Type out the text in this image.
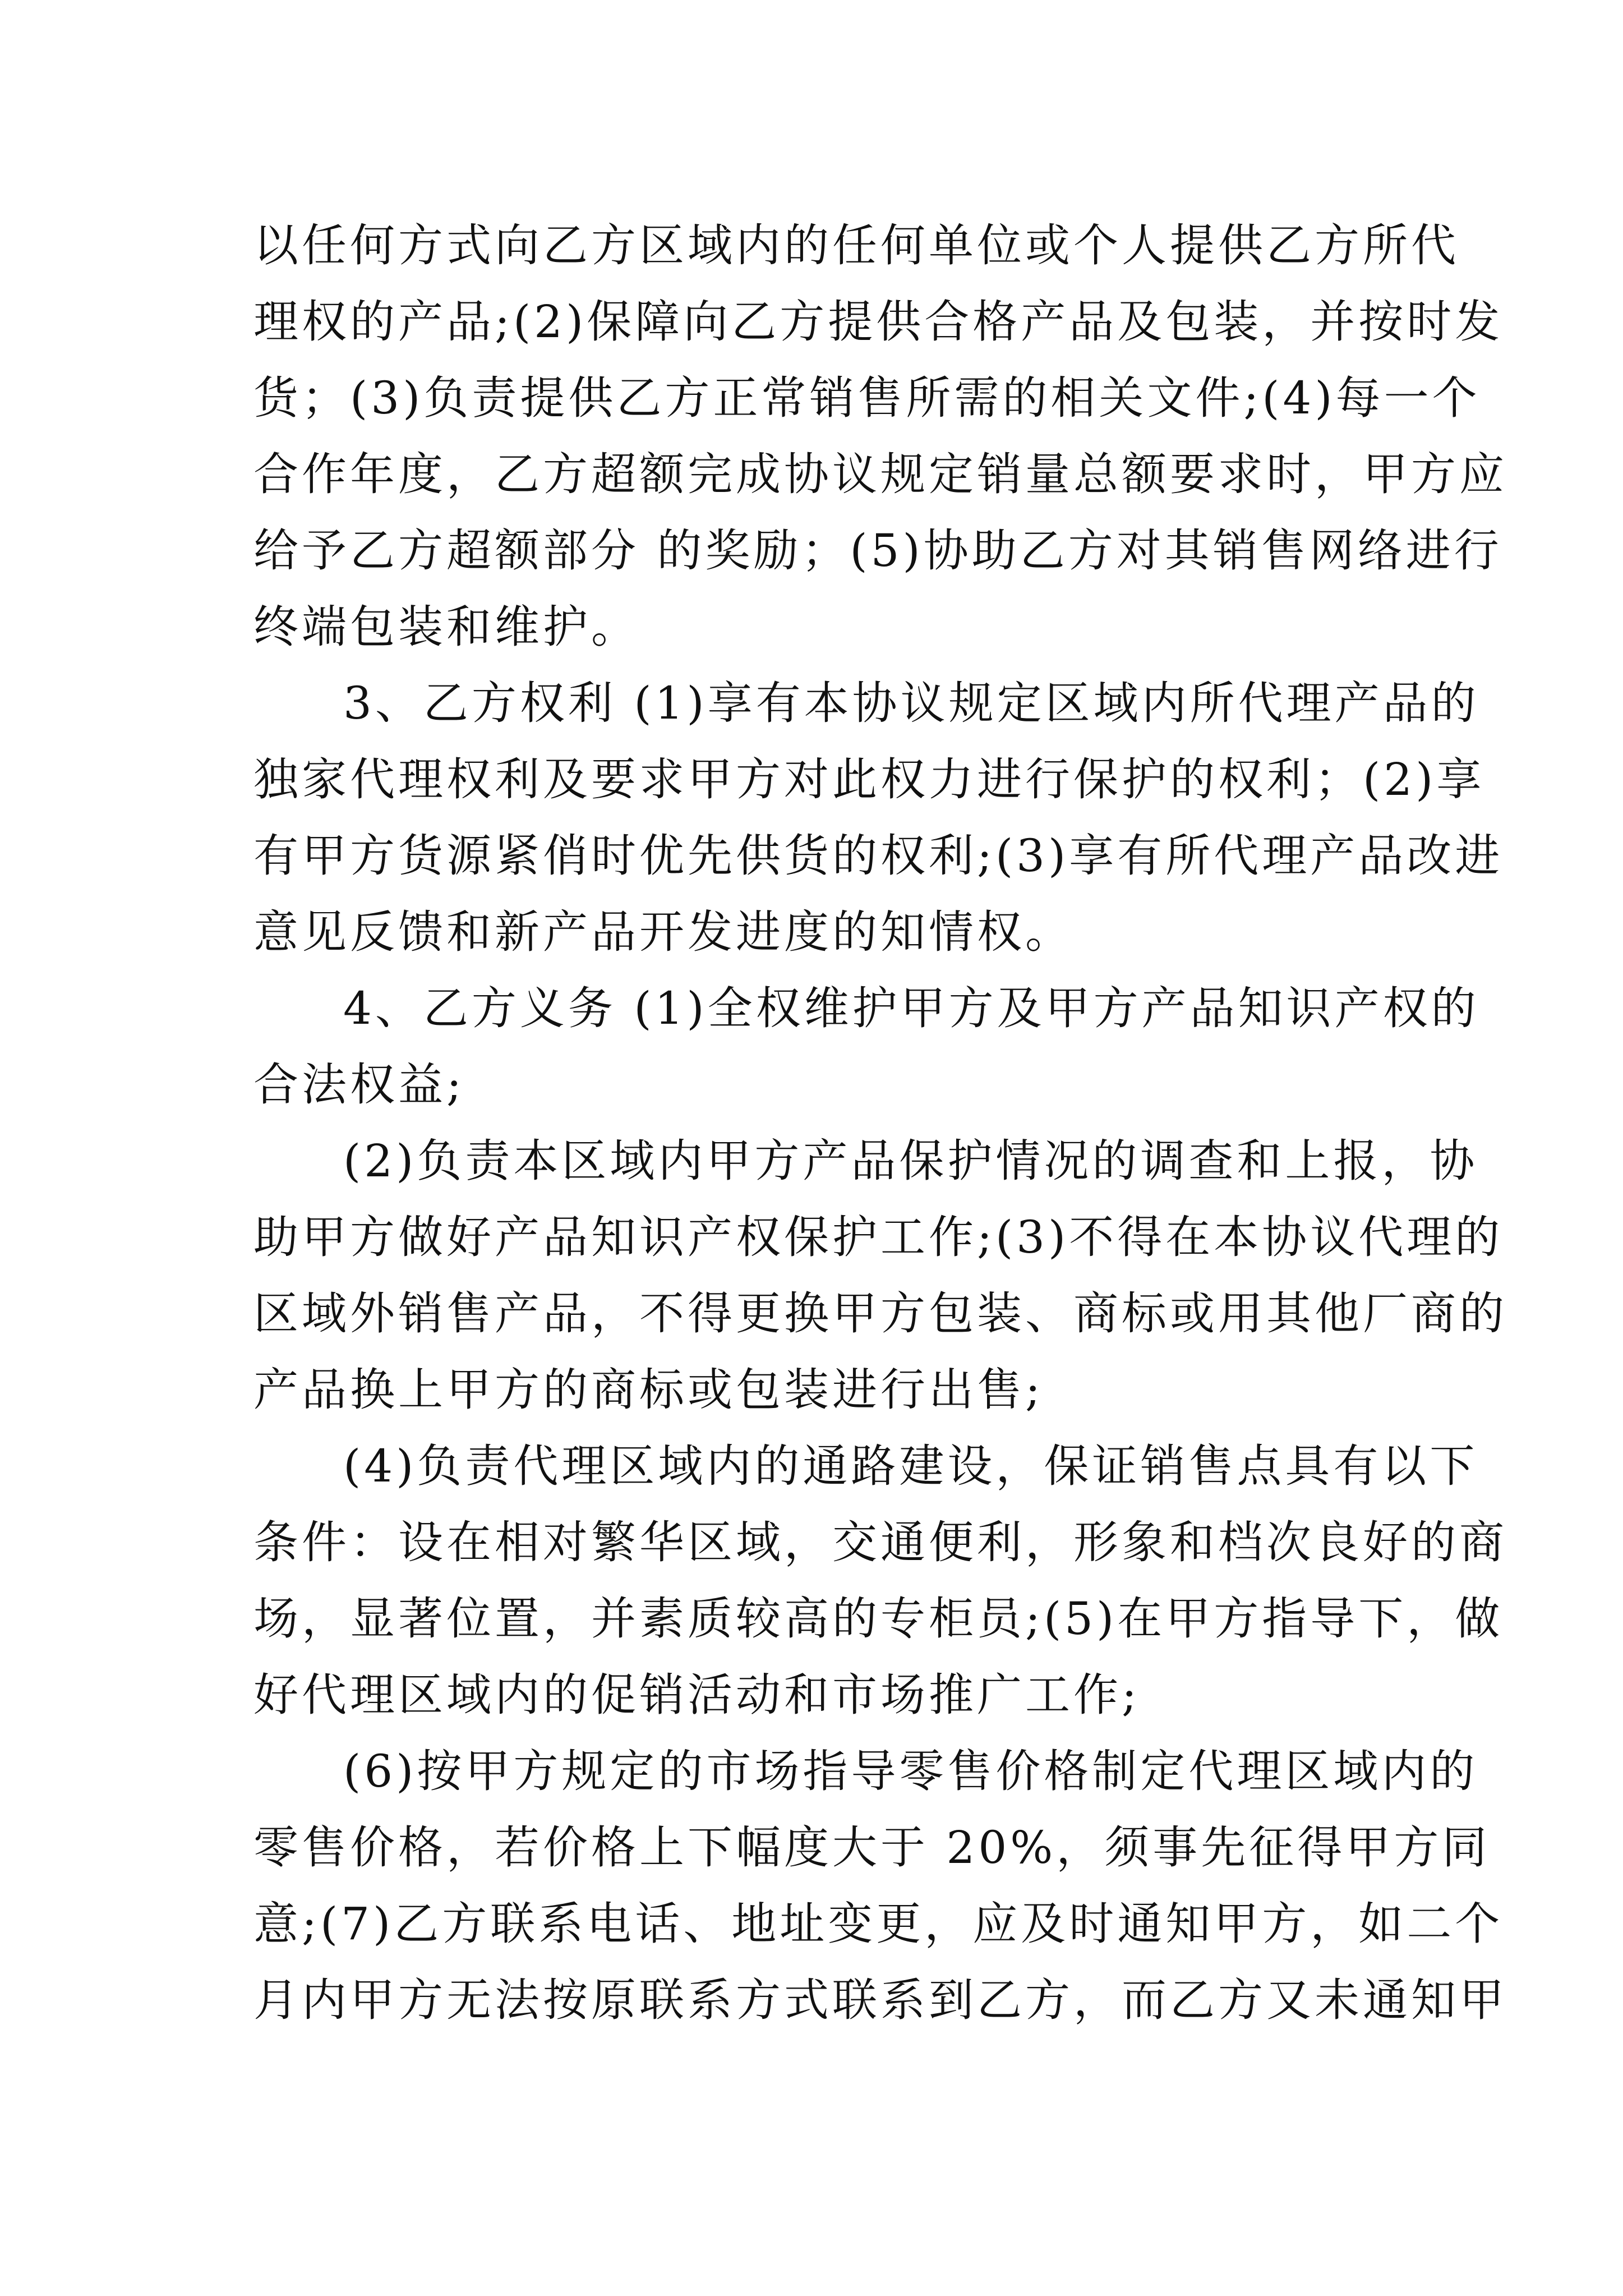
以任何方式向乙方区域内的任何单位或个人提供乙方所代
理权的产品;(2)保障向乙方提供合格产品及包装，并按时发
货；(3)负责提供乙方正常销售所需的相关文件;(4)每一个
合作年度，乙方超额完成协议规定销量总额要求时，甲方应
给予乙方超额部分 的奖励；(5)协助乙方对其销售网络进行
终端包装和维护。
3、乙方权利 (1)享有本协议规定区域内所代理产品的
独家代理权利及要求甲方对此权力进行保护的权利；(2)享
有甲方货源紧俏时优先供货的权利;(3)享有所代理产品改进
意见反馈和新产品开发进度的知情权。
4、乙方义务 (1)全权维护甲方及甲方产品知识产权的
合法权益;
(2)负责本区域内甲方产品保护情况的调查和上报，协
助甲方做好产品知识产权保护工作;(3)不得在本协议代理的
区域外销售产品，不得更换甲方包装、商标或用其他厂商的
产品换上甲方的商标或包装进行出售;
(4)负责代理区域内的通路建设，保证销售点具有以下
条件：设在相对繁华区域，交通便利，形象和档次良好的商
场，显著位置，并素质较高的专柜员;(5)在甲方指导下，做
好代理区域内的促销活动和市场推广工作;
(6)按甲方规定的市场指导零售价格制定代理区域内的
零售价格，若价格上下幅度大于 20%，须事先征得甲方同
意;(7)乙方联系电话、地址变更，应及时通知甲方，如二个
月内甲方无法按原联系方式联系到乙方，而乙方又未通知甲
